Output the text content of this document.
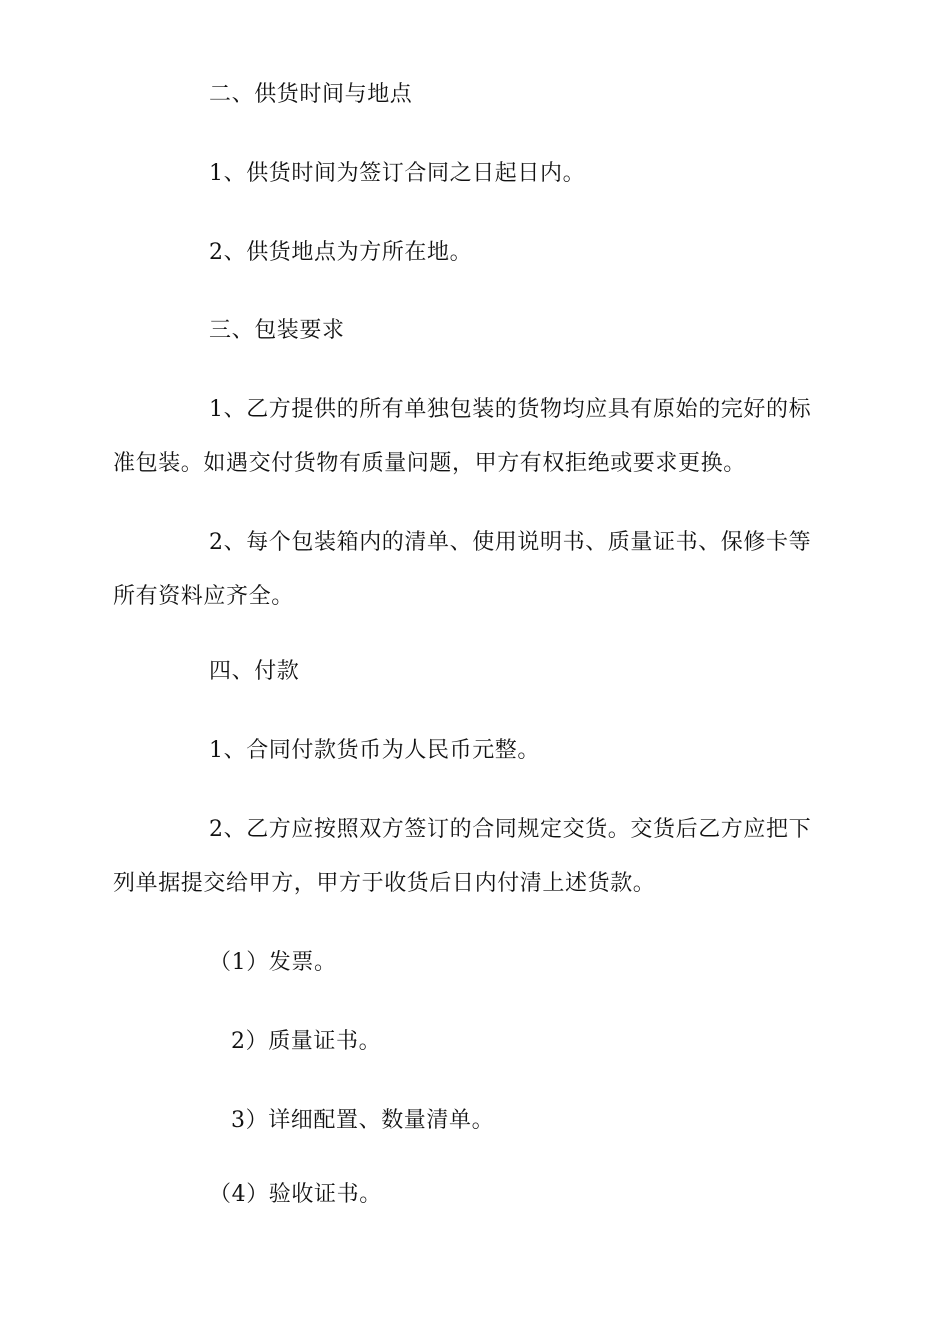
二、供货时间与地点
1、供货时间为签订合同之日起日内。
2、供货地点为方所在地。
三、包装要求
1、乙方提供的所有单独包装的货物均应具有原始的完好的标
准包装。如遇交付货物有质量问题，甲方有权拒绝或要求更换。
2、每个包装箱内的清单、使用说明书、质量证书、保修卡等
所有资料应齐全。
四、付款
1、合同付款货币为人民币元整。
2、乙方应按照双方签订的合同规定交货。交货后乙方应把下
列单据提交给甲方，甲方于收货后日内付清上述货款。
（1）发票。
2）质量证书。
3）详细配置、数量清单。
（4）验收证书。
